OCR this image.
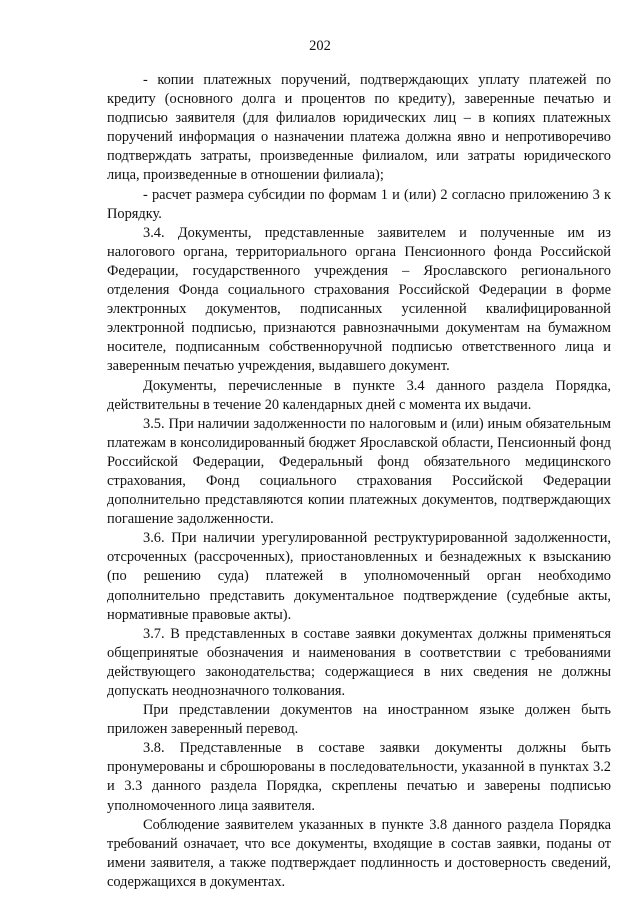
202

- копии платежных поручений, подтверждающих уплату платежей по кредиту (основного долга и процентов по кредиту), заверенные печатью и подписью заявителя (для филиалов юридических лиц – в копиях платежных поручений информация о назначении платежа должна явно и непротиворечиво подтверждать затраты, произведенные филиалом, или затраты юридического лица, произведенные в отношении филиала);

- расчет размера субсидии по формам 1 и (или) 2 согласно приложению 3 к Порядку.

3.4. Документы, представленные заявителем и полученные им из налогового органа, территориального органа Пенсионного фонда Российской Федерации, государственного учреждения – Ярославского регионального отделения Фонда социального страхования Российской Федерации в форме электронных документов, подписанных усиленной квалифицированной электронной подписью, признаются равнозначными документам на бумажном носителе, подписанным собственноручной подписью ответственного лица и заверенным печатью учреждения, выдавшего документ.

Документы, перечисленные в пункте 3.4 данного раздела Порядка, действительны в течение 20 календарных дней с момента их выдачи.

3.5. При наличии задолженности по налоговым и (или) иным обязательным платежам в консолидированный бюджет Ярославской области, Пенсионный фонд Российской Федерации, Федеральный фонд обязательного медицинского страхования, Фонд социального страхования Российской Федерации дополнительно представляются копии платежных документов, подтверждающих погашение задолженности.

3.6. При наличии урегулированной реструктурированной задолженности, отсроченных (рассроченных), приостановленных и безнадежных к взысканию (по решению суда) платежей в уполномоченный орган необходимо дополнительно представить документальное подтверждение (судебные акты, нормативные правовые акты).

3.7. В представленных в составе заявки документах должны применяться общепринятые обозначения и наименования в соответствии с требованиями действующего законодательства; содержащиеся в них сведения не должны допускать неоднозначного толкования.

При представлении документов на иностранном языке должен быть приложен заверенный перевод.

3.8. Представленные в составе заявки документы должны быть пронумерованы и сброшюрованы в последовательности, указанной в пунктах 3.2 и 3.3 данного раздела Порядка, скреплены печатью и заверены подписью уполномоченного лица заявителя.

Соблюдение заявителем указанных в пункте 3.8 данного раздела Порядка требований означает, что все документы, входящие в состав заявки, поданы от имени заявителя, а также подтверждает подлинность и достоверность сведений, содержащихся в документах.
